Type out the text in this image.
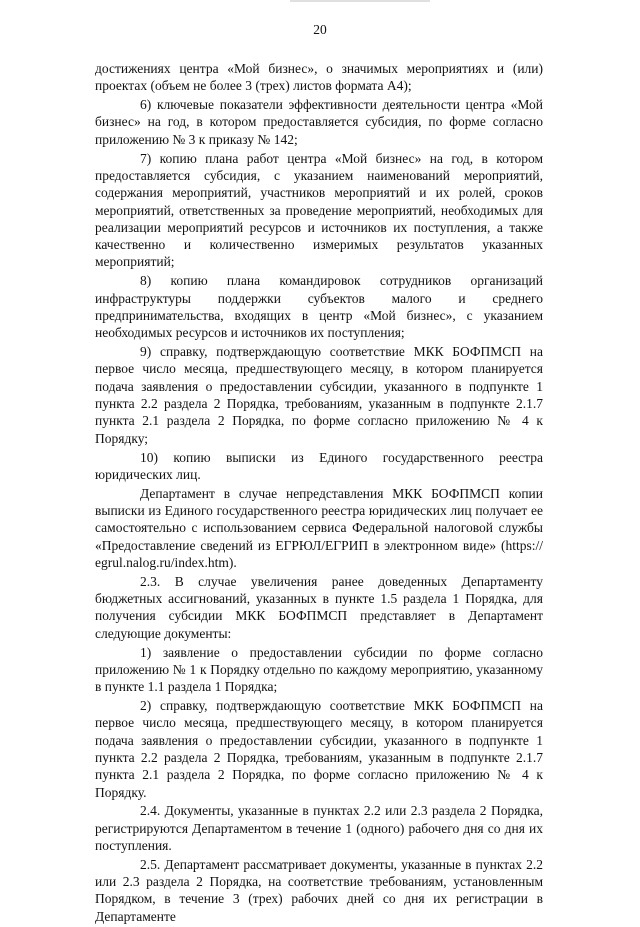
20

достижениях центра «Мой бизнес», о значимых мероприятиях и (или) проектах (объем не более 3 (трех) листов формата А4);

6) ключевые показатели эффективности деятельности центра «Мой бизнес» на год, в котором предоставляется субсидия, по форме согласно приложению № 3 к приказу № 142;

7) копию плана работ центра «Мой бизнес» на год, в котором предоставляется субсидия, с указанием наименований мероприятий, содержания мероприятий, участников мероприятий и их ролей, сроков мероприятий, ответственных за проведение мероприятий, необходимых для реализации мероприятий ресурсов и источников их поступления, а также качественно и количественно измеримых результатов указанных мероприятий;

8) копию плана командировок сотрудников организаций инфраструктуры поддержки субъектов малого и среднего предпринимательства, входящих в центр «Мой бизнес», с указанием необходимых ресурсов и источников их поступления;

9) справку, подтверждающую соответствие МКК БОФПМСП на первое число месяца, предшествующего месяцу, в котором планируется подача заявления о предоставлении субсидии, указанного в подпункте 1 пункта 2.2 раздела 2 Порядка, требованиям, указанным в подпункте 2.1.7 пункта 2.1 раздела 2 Порядка, по форме согласно приложению № 4 к Порядку;

10) копию выписки из Единого государственного реестра юридических лиц.

Департамент в случае непредставления МКК БОФПМСП копии выписки из Единого государственного реестра юридических лиц получает ее самостоятельно с использованием сервиса Федеральной налоговой службы «Предоставление сведений из ЕГРЮЛ/ЕГРИП в электронном виде» (https:// egrul.nalog.ru/index.htm).

2.3. В случае увеличения ранее доведенных Департаменту бюджетных ассигнований, указанных в пункте 1.5 раздела 1 Порядка, для получения субсидии МКК БОФПМСП представляет в Департамент следующие документы:

1) заявление о предоставлении субсидии по форме согласно приложению № 1 к Порядку отдельно по каждому мероприятию, указанному в пункте 1.1 раздела 1 Порядка;

2) справку, подтверждающую соответствие МКК БОФПМСП на первое число месяца, предшествующего месяцу, в котором планируется подача заявления о предоставлении субсидии, указанного в подпункте 1 пункта 2.2 раздела 2 Порядка, требованиям, указанным в подпункте 2.1.7 пункта 2.1 раздела 2 Порядка, по форме согласно приложению № 4 к Порядку.

2.4. Документы, указанные в пунктах 2.2 или 2.3 раздела 2 Порядка, регистрируются Департаментом в течение 1 (одного) рабочего дня со дня их поступления.

2.5. Департамент рассматривает документы, указанные в пунктах 2.2 или 2.3 раздела 2 Порядка, на соответствие требованиям, установленным Порядком, в течение 3 (трех) рабочих дней со дня их регистрации в Департаменте
